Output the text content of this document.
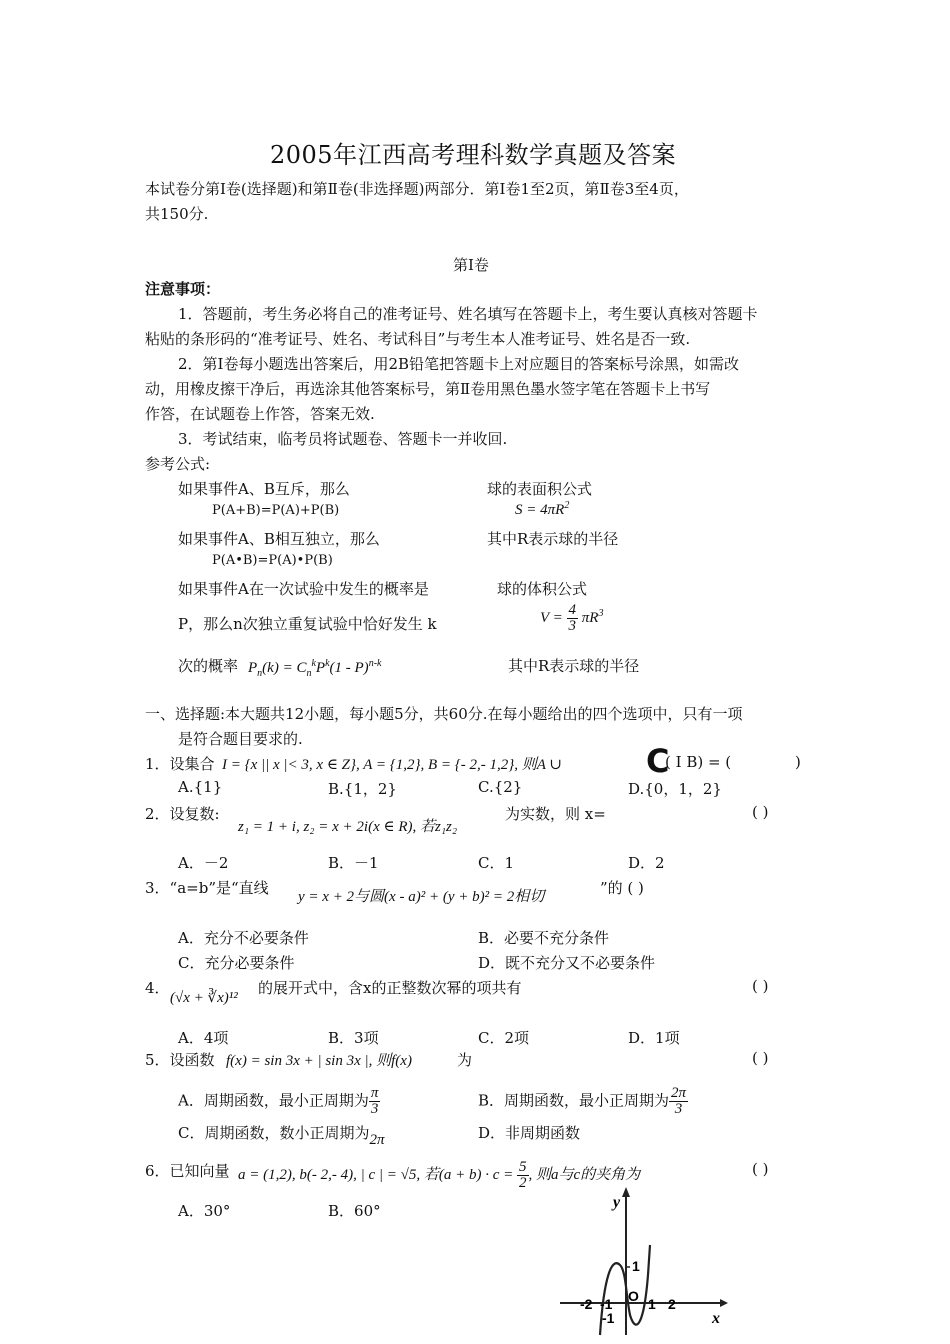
2005年江西高考理科数学真题及答案
本试卷分第Ⅰ卷(选择题)和第Ⅱ卷(非选择题)两部分．第Ⅰ卷1至2页，第Ⅱ卷3至4页，
共150分.
第Ⅰ卷
注意事项：
1．答题前，考生务必将自己的准考证号、姓名填写在答题卡上，考生要认真核对答题卡
粘贴的条形码的“准考证号、姓名、考试科目”与考生本人准考证号、姓名是否一致.
2．第Ⅰ卷每小题选出答案后，用2B铅笔把答题卡上对应题目的答案标号涂黑，如需改
动，用橡皮擦干净后，再选涂其他答案标号，第Ⅱ卷用黑色墨水签字笔在答题卡上书写
作答，在试题卷上作答，答案无效.
3．考试结束，临考员将试题卷、答题卡一并收回.
参考公式:
如果事件A、B互斥，那么
P(A+B)=P(A)+P(B)
如果事件A、B相互独立，那么
P(A•B)=P(A)•P(B)
如果事件A在一次试验中发生的概率是
P，那么n次独立重复试验中恰好发生 k
次的概率 $P_n(k) = C_n^kP^k(1 - P)^{n-k}$
球的表面积公式
$S = 4\pi R^2$
其中R表示球的半径
球的体积公式
$V = \frac{4}{3} \pi R^3$
其中R表示球的半径
一、选择题:本大题共12小题，每小题5分，共60分.在每小题给出的四个选项中，只有一项
是符合题目要求的.
1．设集合 I = {x || x |< 3, x ∈ Z}, A = {1,2}, B = {- 2,- 1,2}, 则A ∪	C
( I B) = (	)
A.{1}	B.{1，2}	C.{2}	D.{0，1，2}
2．设复数:
z₁ = 1 + i, z₂ = x + 2i(x ∈ R), 若z₁z₂
为实数，则 x=	( )
A．－2	B．－1	C．1	D．2
3．“a=b”是“直线 y = x + 2与圆(x - a)² + (y + b)² = 2相切	”的 ( )
A．充分不必要条件	B．必要不充分条件
C．充分必要条件	D．既不充分又不必要条件
4．
(√x + ∛x)¹²
的展开式中，含x的正整数次幂的项共有	( )
A．4项	B．3项	C．2项	D．1项
5．设函数 f(x) = sin 3x + | sin 3x |, 则f(x)	为	( )
A．周期函数，最小正周期为 $\frac{\pi}{3}$	B．周期函数，最小正周期为 $\frac{2\pi}{3}$
C．周期函数，数小正周期为2π	D．非周期函数
6．已知向量 a = (1,2), b(- 2,- 4), | c | = √5, 若$(a + b) \cdot c = \frac{5}{2}$ , 则a与c的夹角为	( )
A．30°	B．60°	y
x
-2 -1 O 1 2
1
-1
